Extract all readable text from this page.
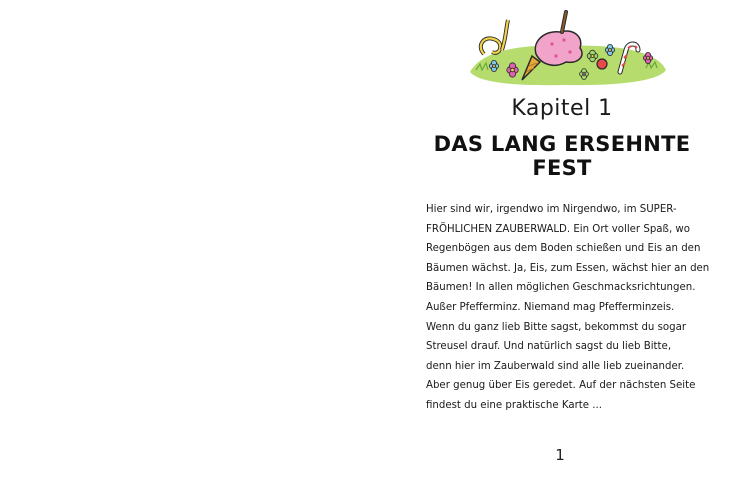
Kapitel 1
DAS LANG ERSEHNTE FEST
Hier sind wir, irgendwo im Nirgendwo, im SUPER-
FRÖHLICHEN ZAUBERWALD. Ein Ort voller Spaß, wo
Regenbögen aus dem Boden schießen und Eis an den
Bäumen wächst. Ja, Eis, zum Essen, wächst hier an den
Bäumen! In allen möglichen Geschmacksrichtungen.
Außer Pfefferminz. Niemand mag Pfefferminzeis.
Wenn du ganz lieb Bitte sagst, bekommst du sogar
Streusel drauf. Und natürlich sagst du lieb Bitte,
denn hier im Zauberwald sind alle lieb zueinander.
Aber genug über Eis geredet. Auf der nächsten Seite
findest du eine praktische Karte ...
1
